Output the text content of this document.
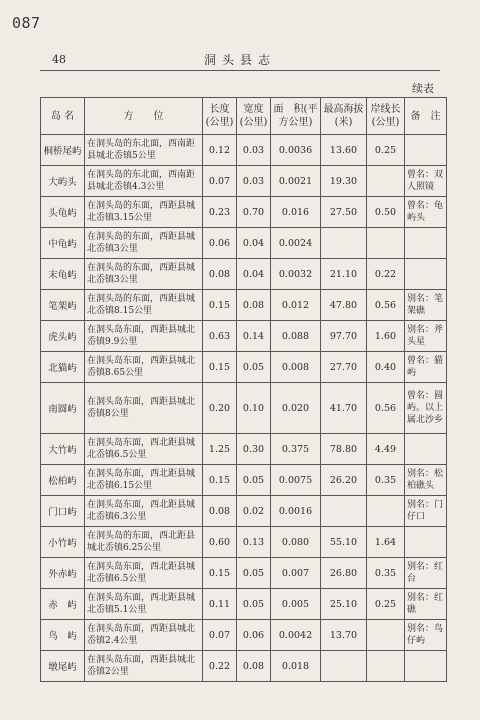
087
48	洞头县志
续表
岛 名	方　　位	长度(公里)	宽度(公里)	面　积(平方公里)	最高海拔(米)	岸线长(公里)	备　注
桐桥尾屿	在洞头岛的东北面，西南距县城北岙镇5公里	0.12	0.03	0.0036	13.60	0.25	
大屿头	在洞头岛的东北面，西南距县城北岙镇4.3公里	0.07	0.03	0.0021	19.30		曾名：双人照镜
头龟屿	在洞头岛的东面，西距县城北岙镇3.15公里	0.23	0.70	0.016	27.50	0.50	曾名：龟屿头
中龟屿	在洞头岛的东面，西距县城北岙镇3公里	0.06	0.04	0.0024			
末龟屿	在洞头岛的东面，西距县城北岙镇3公里	0.08	0.04	0.0032	21.10	0.22	
笔架屿	在洞头岛的东面，西距县城北岙镇8.15公里	0.15	0.08	0.012	47.80	0.56	别名：笔架礁
虎头屿	在洞头岛东面，西距县城北岙镇9.9公里	0.63	0.14	0.088	97.70	1.60	别名：斧头星
北猫屿	在洞头岛东面，西距县城北岙镇8.65公里	0.15	0.05	0.008	27.70	0.40	曾名：猫　屿
南圆屿	在洞头岛东面，西距县城北岙镇8公里	0.20	0.10	0.020	41.70	0.56	曾名：圆屿。以上属北沙乡
大竹屿	在洞头岛东面，西北距县城北岙镇6.5公里	1.25	0.30	0.375	78.80	4.49	
松柏屿	在洞头岛东面，西北距县城北岙镇6.15公里	0.15	0.05	0.0075	26.20	0.35	别名：松柏礁头
门口屿	在洞头岛东面，西北距县城北岙镇6.3公里	0.08	0.02	0.0016			别名：门仔口
小竹屿	在洞头岛的东面，西北距县城北岙镇6.25公里	0.60	0.13	0.080	55.10	1.64	
外赤屿	在洞头岛东面，西北距县城北岙镇6.5公里	0.15	0.05	0.007	26.80	0.35	别名：红台
赤　屿	在洞头岛东面，西北距县城北岙镇5.1公里	0.11	0.05	0.005	25.10	0.25	别名：红礁
鸟　屿	在洞头岛东面，西距县城北岙镇2.4公里	0.07	0.06	0.0042	13.70		别名：鸟仔屿
墩尾屿	在洞头岛东面，西距县城北岙镇2公里	0.22	0.08	0.018			
